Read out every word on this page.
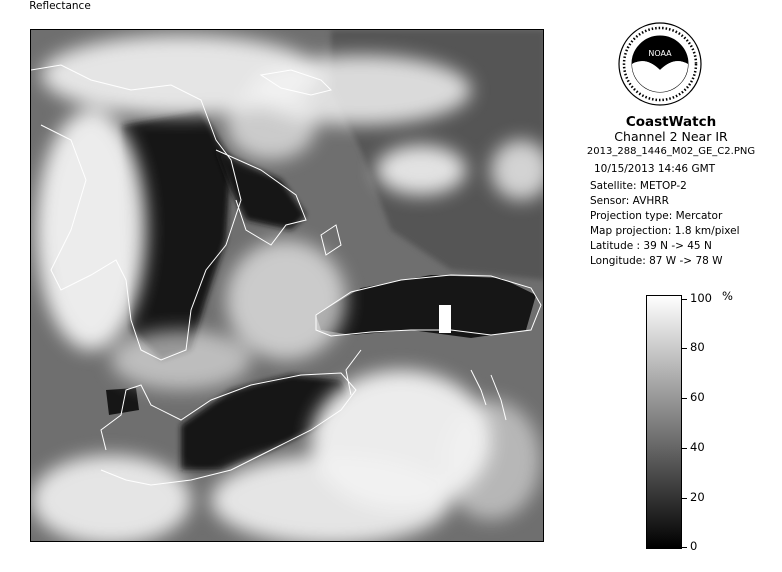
NOAA
CoastWatch
Channel 2 Near IR
2013_288_1446_M02_GE_C2.PNG
10/15/2013 14:46 GMT
Satellite: METOP-2
Sensor: AVHRR
Projection type: Mercator
Map projection: 1.8 km/pixel
Latitude : 39 N -> 45 N
Longitude: 87 W -> 78 W
Reflectance
%
100
80
60
40
20
0
